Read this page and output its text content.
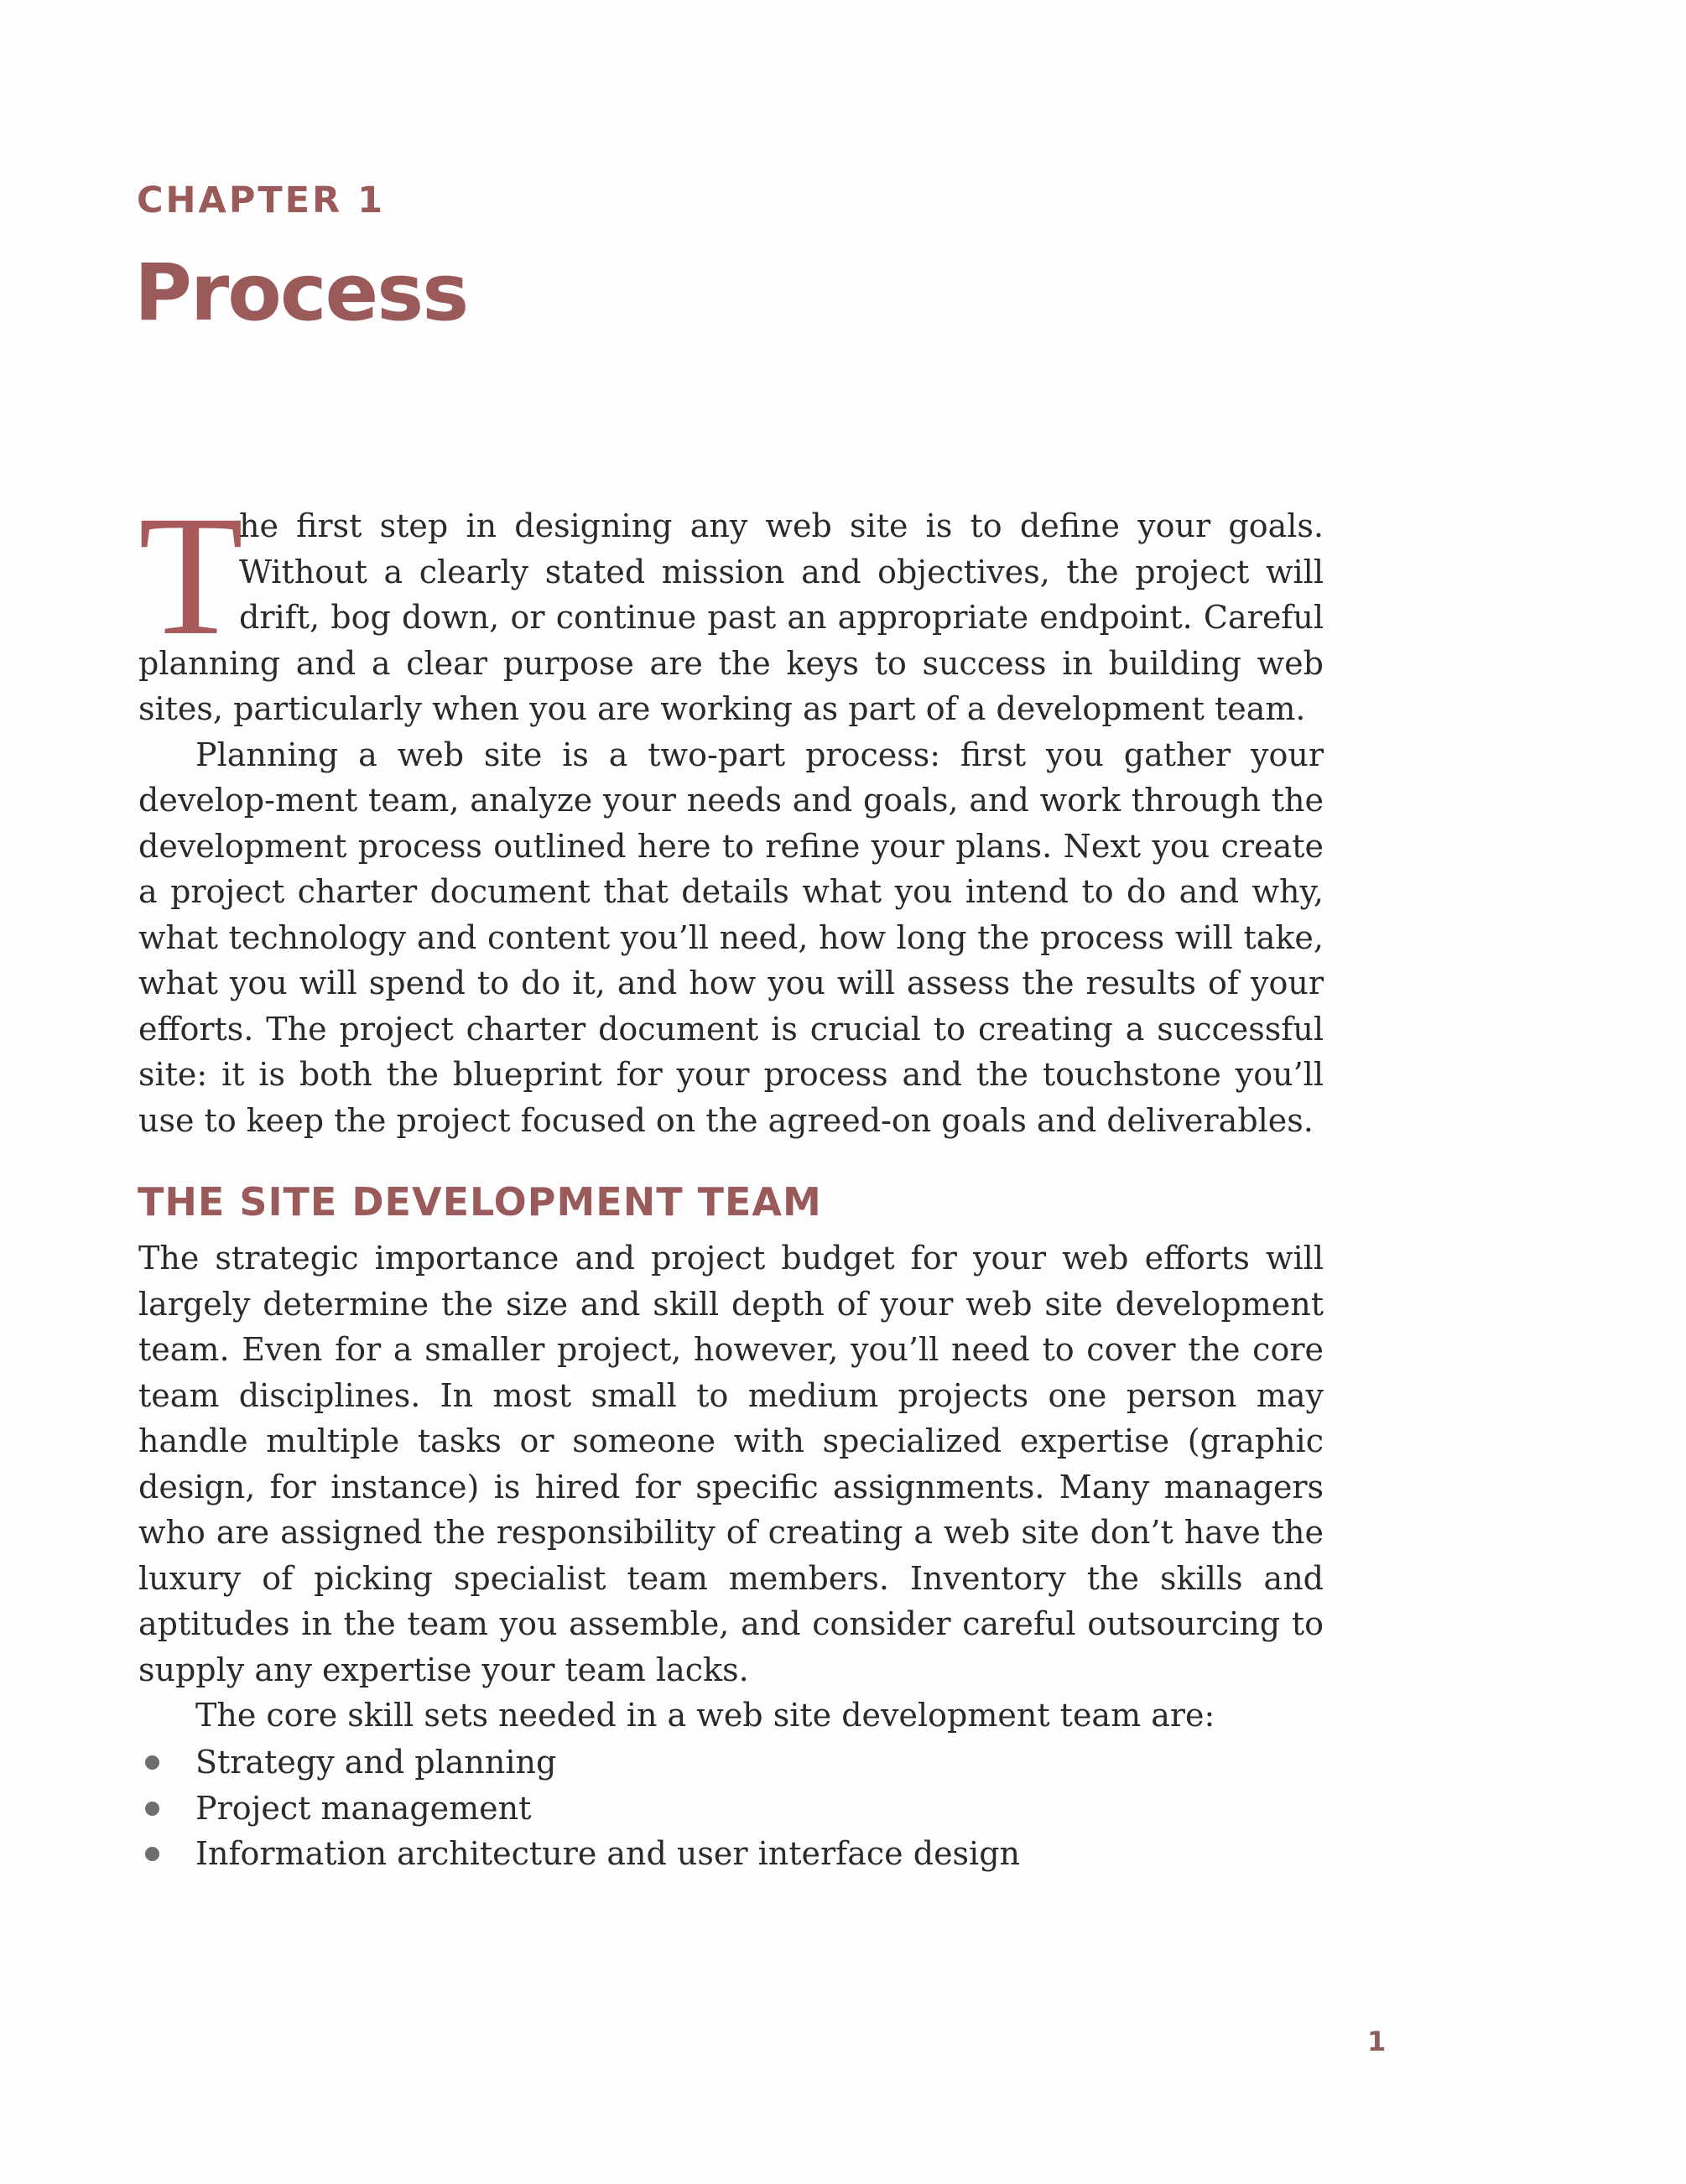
CHAPTER 1
Process

T
he first step in designing any web site is to define your goals. Without a clearly stated mission and objectives, the project will drift, bog down, or continue past an appropriate endpoint. Careful planning and a clear purpose are the keys to success in building web sites, particularly when you are working as part of a development team.

Planning a web site is a two-part process: first you gather your develop-ment team, analyze your needs and goals, and work through the development process outlined here to refine your plans. Next you create a project charter document that details what you intend to do and why, what technology and content you’ll need, how long the process will take, what you will spend to do it, and how you will assess the results of your efforts. The project charter document is crucial to creating a successful site: it is both the blueprint for your process and the touchstone you’ll use to keep the project focused on the agreed-on goals and deliverables.

THE SITE DEVELOPMENT TEAM

The strategic importance and project budget for your web efforts will largely determine the size and skill depth of your web site development team. Even for a smaller project, however, you’ll need to cover the core team disciplines. In most small to medium projects one person may handle multiple tasks or someone with specialized expertise (graphic design, for instance) is hired for specific assignments. Many managers who are assigned the responsibility of creating a web site don’t have the luxury of picking specialist team members. Inventory the skills and aptitudes in the team you assemble, and consider careful outsourcing to supply any expertise your team lacks.

The core skill sets needed in a web site development team are:

Strategy and planning
Project management
Information architecture and user interface design
1
